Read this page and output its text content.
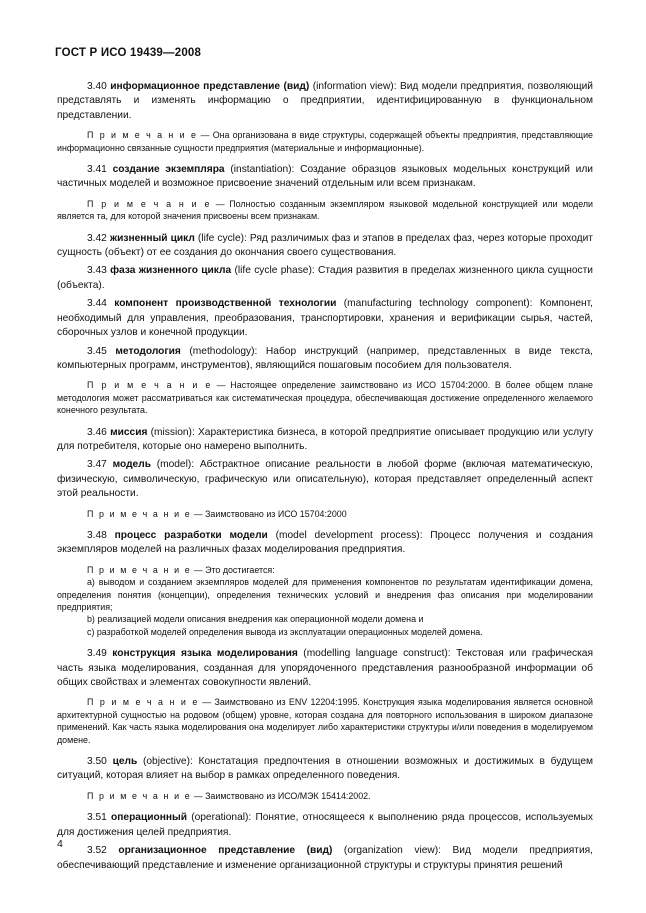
ГОСТ Р ИСО 19439—2008

3.40 информационное представление (вид) (information view): Вид модели предприятия, позволяющий представлять и изменять информацию о предприятии, идентифицированную в функциональном представлении.

П р и м е ч а н и е — Она организована в виде структуры, содержащей объекты предприятия, представляющие информационно связанные сущности предприятия (материальные и информационные).

3.41 создание экземпляра (instantiation): Создание образцов языковых модельных конструкций или частичных моделей и возможное присвоение значений отдельным или всем признакам.

П р и м е ч а н и е — Полностью созданным экземпляром языковой модельной конструкцией или модели является та, для которой значения присвоены всем признакам.

3.42 жизненный цикл (life cycle): Ряд различимых фаз и этапов в пределах фаз, через которые проходит сущность (объект) от ее создания до окончания своего существования.

3.43 фаза жизненного цикла (life cycle phase): Стадия развития в пределах жизненного цикла сущности (объекта).

3.44 компонент производственной технологии (manufacturing technology component): Компонент, необходимый для управления, преобразования, транспортировки, хранения и верификации сырья, частей, сборочных узлов и конечной продукции.

3.45 методология (methodology): Набор инструкций (например, представленных в виде текста, компьютерных программ, инструментов), являющийся пошаговым пособием для пользователя.

П р и м е ч а н и е — Настоящее определение заимствовано из ИСО 15704:2000. В более общем плане методология может рассматриваться как систематическая процедура, обеспечивающая достижение определенного желаемого конечного результата.

3.46 миссия (mission): Характеристика бизнеса, в которой предприятие описывает продукцию или услугу для потребителя, которые оно намерено выполнить.

3.47 модель (model): Абстрактное описание реальности в любой форме (включая математическую, физическую, символическую, графическую или описательную), которая представляет определенный аспект этой реальности.

П р и м е ч а н и е — Заимствовано из ИСО 15704:2000

3.48 процесс разработки модели (model development process): Процесс получения и создания экземпляров моделей на различных фазах моделирования предприятия.

П р и м е ч а н и е — Это достигается:

а) выводом и созданием экземпляров моделей для применения компонентов по результатам идентификации домена, определения понятия (концепции), определения технических условий и внедрения фаз описания при моделировании предприятия;

b) реализацией модели описания внедрения как операционной модели домена и

с) разработкой моделей определения вывода из эксплуатации операционных моделей домена.

3.49 конструкция языка моделирования (modelling language construct): Текстовая или графическая часть языка моделирования, созданная для упорядоченного представления разнообразной информации об общих свойствах и элементах совокупности явлений.

П р и м е ч а н и е — Заимствовано из ENV 12204:1995. Конструкция языка моделирования является основной архитектурной сущностью на родовом (общем) уровне, которая создана для повторного использования в широком диапазоне применений. Как часть языка моделирования она моделирует либо характеристики структуры и/или поведения в моделируемом домене.

3.50 цель (objective): Констатация предпочтения в отношении возможных и достижимых в будущем ситуаций, которая влияет на выбор в рамках определенного поведения.

П р и м е ч а н и е — Заимствовано из ИСО/МЭК 15414:2002.

3.51 операционный (operational): Понятие, относящееся к выполнению ряда процессов, используемых для достижения целей предприятия.

3.52 организационное представление (вид) (organization view): Вид модели предприятия, обеспечивающий представление и изменение организационной структуры и структуры принятия решений

4
